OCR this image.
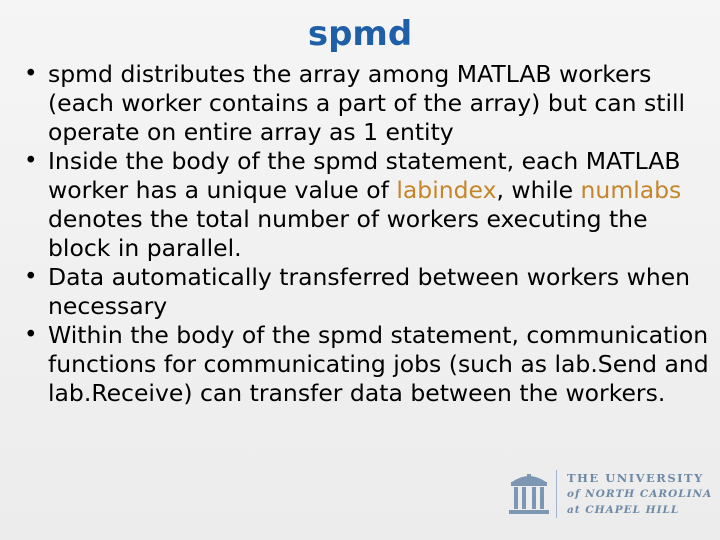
spmd
• spmd distributes the array among MATLAB workers (each worker contains a part of the array) but can still operate on entire array as 1 entity
• Inside the body of the spmd statement, each MATLAB worker has a unique value of labindex, while numlabs denotes the total number of workers executing the block in parallel.
• Data automatically transferred between workers when necessary
• Within the body of the spmd statement, communication functions for communicating jobs (such as lab.Send and lab.Receive) can transfer data between the workers.
THE UNIVERSITY
of NORTH CAROLINA
at CHAPEL HILL
